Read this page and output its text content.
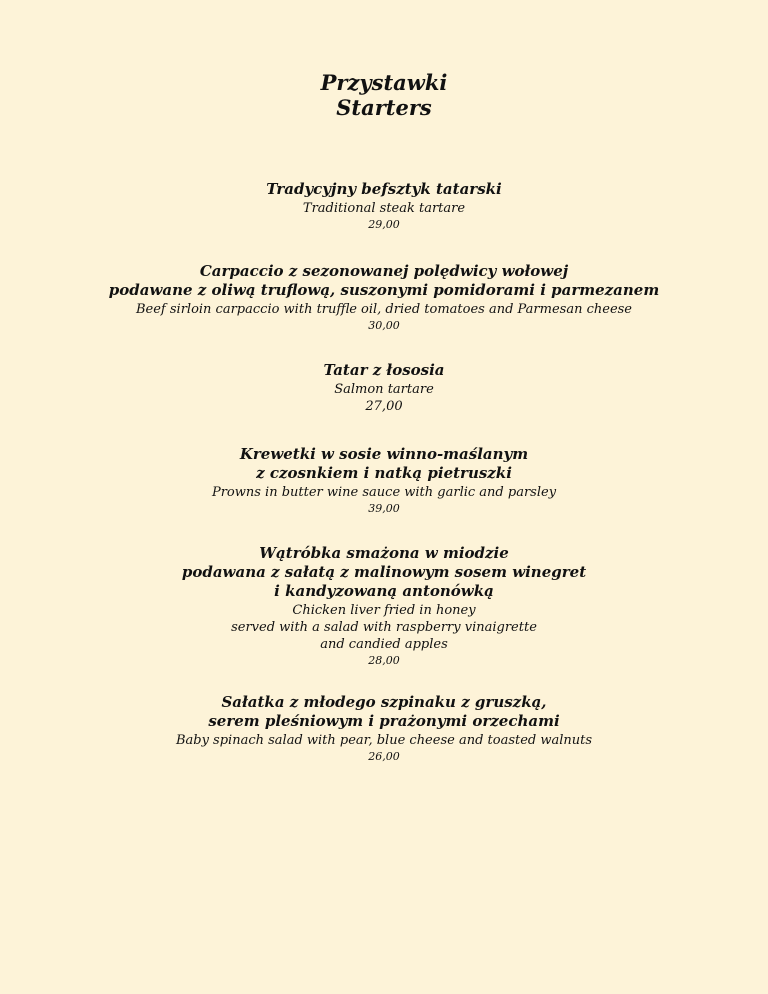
Przystawki
Starters
Tradycyjny befsztyk tatarski
Traditional steak tartare
29,00
Carpaccio z sezonowanej polędwicy wołowej
podawane z oliwą truflową, suszonymi pomidorami i parmezanem
Beef sirloin carpaccio with truffle oil, dried tomatoes and Parmesan cheese
30,00
Tatar z łososia
Salmon tartare
27,00
Krewetki w sosie winno-maślanym
z czosnkiem i natką pietruszki
Prowns in butter wine sauce with garlic and parsley
39,00
Wątróbka smażona w miodzie
podawana z sałatą z malinowym sosem winegret
i kandyzowaną antonówką
Chicken liver fried in honey
served with a salad with raspberry vinaigrette
and candied apples
28,00
Sałatka z młodego szpinaku z gruszką,
serem pleśniowym i prażonymi orzechami
Baby spinach salad with pear, blue cheese and toasted walnuts
26,00
